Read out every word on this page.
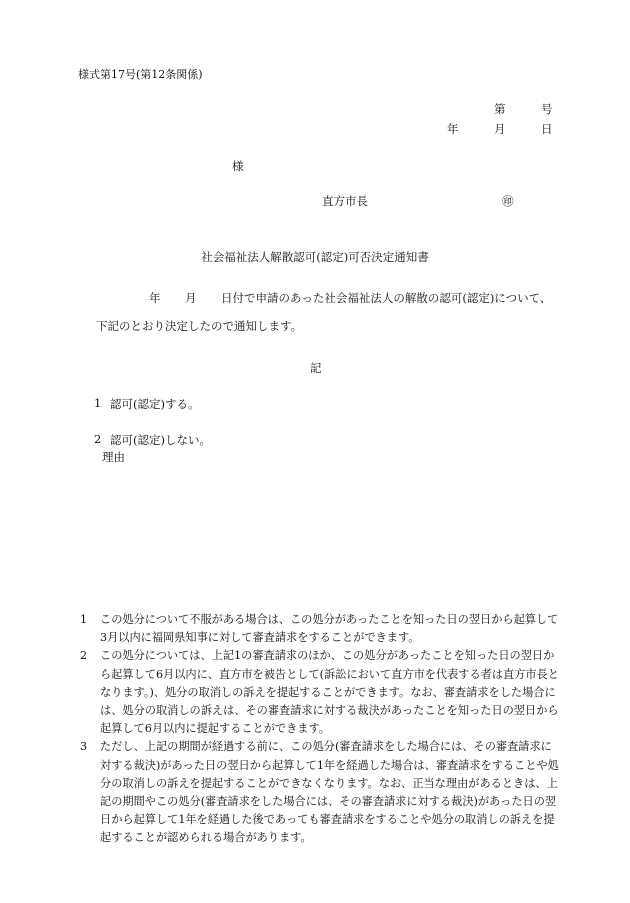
様式第17号(第12条関係)
第	号
年	月	日
様
直方市長	㊞
社会福祉法人解散認可(認定)可否決定通知書
年 月 日付で申請のあった社会福祉法人の解散の認可(認定)について、
下記のとおり決定したので通知します。
記
1 認可(認定)する。
2 認可(認定)しない。
理由

1 この処分について不服がある場合は、この処分があったことを知った日の翌日から起算して3月以内に福岡県知事に対して審査請求をすることができます。

2 この処分については、上記1の審査請求のほか、この処分があったことを知った日の翌日から起算して6月以内に、直方市を被告として(訴訟において直方市を代表する者は直方市長となります。)、処分の取消しの訴えを提起することができます。なお、審査請求をした場合には、処分の取消しの訴えは、その審査請求に対する裁決があったことを知った日の翌日から起算して6月以内に提起することができます。

3 ただし、上記の期間が経過する前に、この処分(審査請求をした場合には、その審査請求に対する裁決)があった日の翌日から起算して1年を経過した場合は、審査請求をすることや処分の取消しの訴えを提起することができなくなります。なお、正当な理由があるときは、上記の期間やこの処分(審査請求をした場合には、その審査請求に対する裁決)があった日の翌日から起算して1年を経過した後であっても審査請求をすることや処分の取消しの訴えを提起することが認められる場合があります。
